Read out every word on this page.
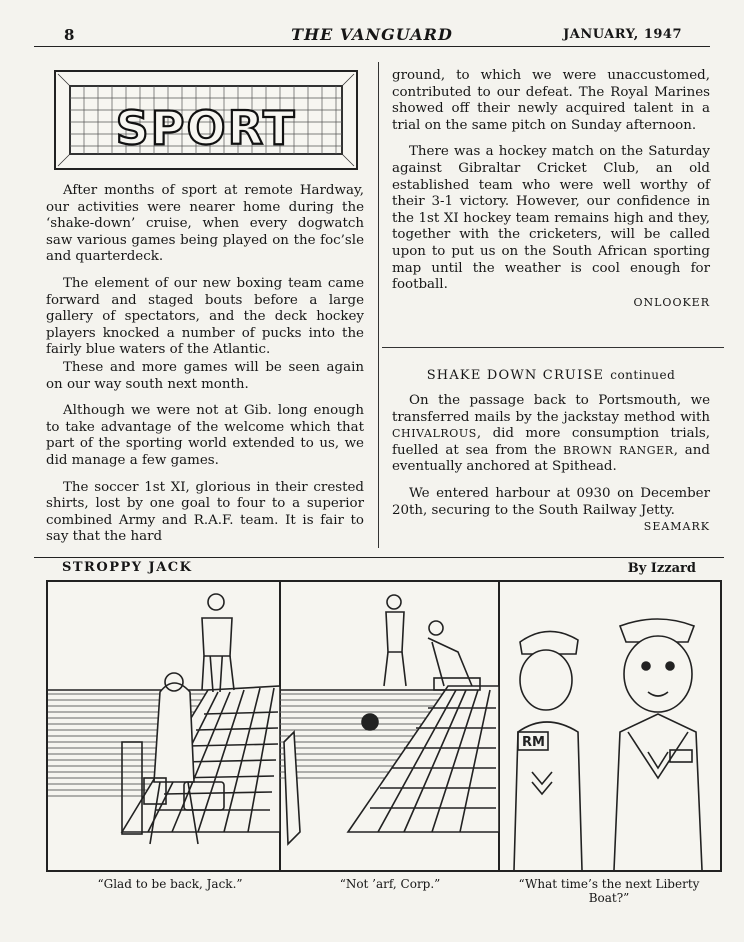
8	THE VANGUARD	JANUARY, 1947
SPORT

After months of sport at remote Hardway, our activities were nearer home during the ‘shake-down’ cruise, when every dogwatch saw various games being played on the foc’sle and quarterdeck.

The element of our new boxing team came forward and staged bouts before a large gallery of spectators, and the deck hockey players knocked a number of pucks into the fairly blue waters of the Atlantic.

These and more games will be seen again on our way south next month.

Although we were not at Gib. long enough to take advantage of the welcome which that part of the sporting world extended to us, we did manage a few games.

The soccer 1st XI, glorious in their crested shirts, lost by one goal to four to a superior combined Army and R.A.F. team. It is fair to say that the hard

ground, to which we were unaccustomed, contributed to our defeat. The Royal Marines showed off their newly acquired talent in a trial on the same pitch on Sunday afternoon.

There was a hockey match on the Saturday against Gibraltar Cricket Club, an old established team who were well worthy of their 3-1 victory. However, our confidence in the 1st XI hockey team remains high and they, together with the cricketers, will be called upon to put us on the South African sporting map until the weather is cool enough for football.

ONLOOKER
SHAKE DOWN CRUISE continued

On the passage back to Portsmouth, we transferred mails by the jackstay method with CHIVALROUS, did more consumption trials, fuelled at sea from the BROWN RANGER, and eventually anchored at Spithead.

We entered harbour at 0930 on December 20th, securing to the South Railway Jetty.
SEAMARK

STROPPY JACK	By Izzard
RM
“Glad to be back, Jack.”	“Not ’arf, Corp.”	“What time’s the next Liberty Boat?”
